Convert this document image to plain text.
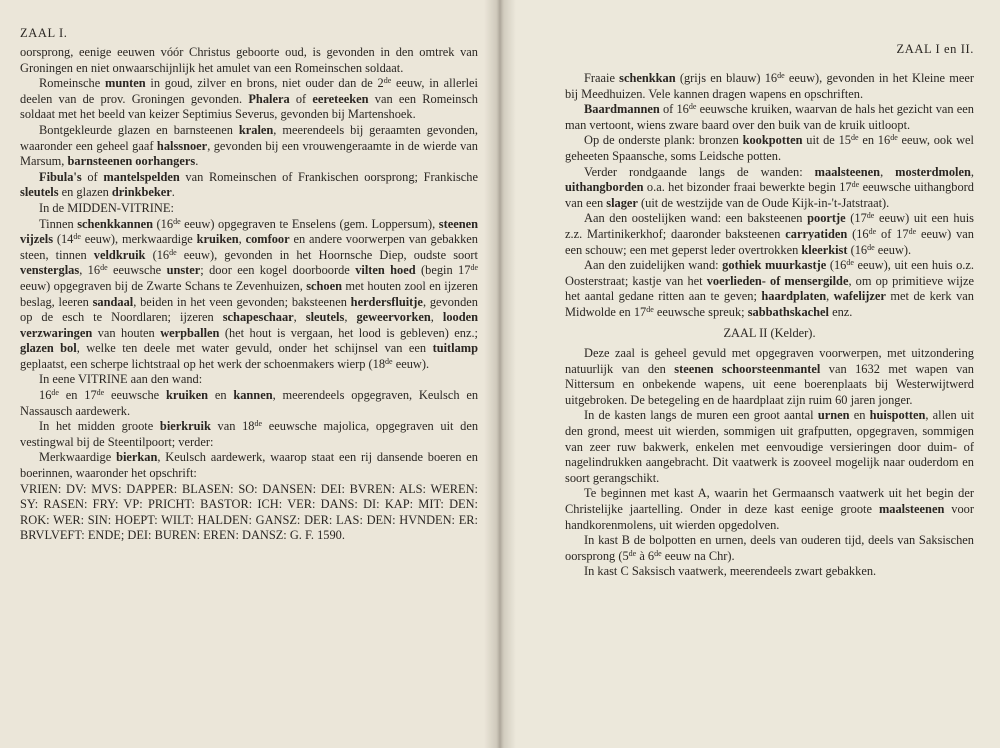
ZAAL I.

oorsprong, eenige eeuwen vóór Christus geboorte oud, is gevonden in den omtrek van Groningen en niet onwaarschijnlijk het amulet van een Romeinschen soldaat.

Romeinsche munten in goud, zilver en brons, niet ouder dan de 2de eeuw, in allerlei deelen van de prov. Groningen gevonden. Phalera of eereteeken van een Romeinsch soldaat met het beeld van keizer Septimius Severus, gevonden bij Martenshoek.

Bontgekleurde glazen en barnsteenen kralen, meerendeels bij geraamten gevonden, waaronder een geheel gaaf halssnoer, gevonden bij een vrouwengeraamte in de wierde van Marsum, barnsteenen oorhangers.

Fibula's of mantelspelden van Romeinschen of Frankischen oorsprong; Frankische sleutels en glazen drinkbeker.

In de MIDDEN-VITRINE:

Tinnen schenkkannen (16de eeuw) opgegraven te Enselens (gem. Loppersum), steenen vijzels (14de eeuw), merkwaardige kruiken, comfoor en andere voorwerpen van gebakken steen, tinnen veldkruik (16de eeuw), gevonden in het Hoornsche Diep, oudste soort vensterglas, 16de eeuwsche unster; door een kogel doorboorde vilten hoed (begin 17de eeuw) opgegraven bij de Zwarte Schans te Zevenhuizen, schoen met houten zool en ijzeren beslag, leeren sandaal, beiden in het veen gevonden; baksteenen herdersfluitje, gevonden op de esch te Noordlaren; ijzeren schapeschaar, sleutels, geweervorken, looden verzwaringen van houten werpballen (het hout is vergaan, het lood is gebleven) enz.; glazen bol, welke ten deele met water gevuld, onder het schijnsel van een tuitlamp geplaatst, een scherpe lichtstraal op het werk der schoenmakers wierp (18de eeuw).

In eene VITRINE aan den wand:

16de en 17de eeuwsche kruiken en kannen, meerendeels opgegraven, Keulsch en Nassausch aardewerk.

In het midden groote bierkruik van 18de eeuwsche majolica, opgegraven uit den vestingwal bij de Steentilpoort; verder:

Merkwaardige bierkan, Keulsch aardewerk, waarop staat een rij dansende boeren en boerinnen, waaronder het opschrift:

VRIEN: DV: MVS: DAPPER: BLASEN: SO: DANSEN: DEI: BVREN: ALS: WEREN: SY: RASEN: FRY: VP: PRICHT: BASTOR: ICH: VER: DANS: DI: KAP: MIT: DEN: ROK: WER: SIN: HOEPT: WILT: HALDEN: GANSZ: DER: LAS: DEN: HVNDEN: ER: BRVLVEFT: ENDE; DEI: BUREN: EREN: DANSZ: G. F. 1590.

ZAAL I en II.

Fraaie schenkkan (grijs en blauw) 16de eeuw), gevonden in het Kleine meer bij Meedhuizen. Vele kannen dragen wapens en opschriften.

Baardmannen of 16de eeuwsche kruiken, waarvan de hals het gezicht van een man vertoont, wiens zware baard over den buik van de kruik uitloopt.

Op de onderste plank: bronzen kookpotten uit de 15de en 16de eeuw, ook wel geheeten Spaansche, soms Leidsche potten.

Verder rondgaande langs de wanden: maalsteenen, mosterdmolen, uithangborden o.a. het bizonder fraai bewerkte begin 17de eeuwsche uithangbord van een slager (uit de westzijde van de Oude Kijk-in-'t-Jatstraat).

Aan den oostelijken wand: een baksteenen poortje (17de eeuw) uit een huis z.z. Martinikerkhof; daaronder baksteenen carryatiden (16de of 17de eeuw) van een schouw; een met geperst leder overtrokken kleerkist (16de eeuw).

Aan den zuidelijken wand: gothiek muurkastje (16de eeuw), uit een huis o.z. Oosterstraat; kastje van het voerlieden- of mensergilde, om op primitieve wijze het aantal gedane ritten aan te geven; haardplaten, wafelijzer met de kerk van Midwolde en 17de eeuwsche spreuk; sabbathskachel enz.

ZAAL II (Kelder).

Deze zaal is geheel gevuld met opgegraven voorwerpen, met uitzondering natuurlijk van den steenen schoorsteenmantel van 1632 met wapen van Nittersum en onbekende wapens, uit eene boerenplaats bij Westerwijtwerd uitgebroken. De betegeling en de haardplaat zijn ruim 60 jaren jonger.

In de kasten langs de muren een groot aantal urnen en huispotten, allen uit den grond, meest uit wierden, sommigen uit grafputten, opgegraven, sommigen van zeer ruw bakwerk, enkelen met eenvoudige versieringen door duim- of nagelindrukken aangebracht. Dit vaatwerk is zooveel mogelijk naar ouderdom en soort gerangschikt.

Te beginnen met kast A, waarin het Germaansch vaatwerk uit het begin der Christelijke jaartelling. Onder in deze kast eenige groote maalsteenen voor handkorenmolens, uit wierden opgedolven.

In kast B de bolpotten en urnen, deels van ouderen tijd, deels van Saksischen oorsprong (5de à 6de eeuw na Chr).

In kast C Saksisch vaatwerk, meerendeels zwart gebakken.
